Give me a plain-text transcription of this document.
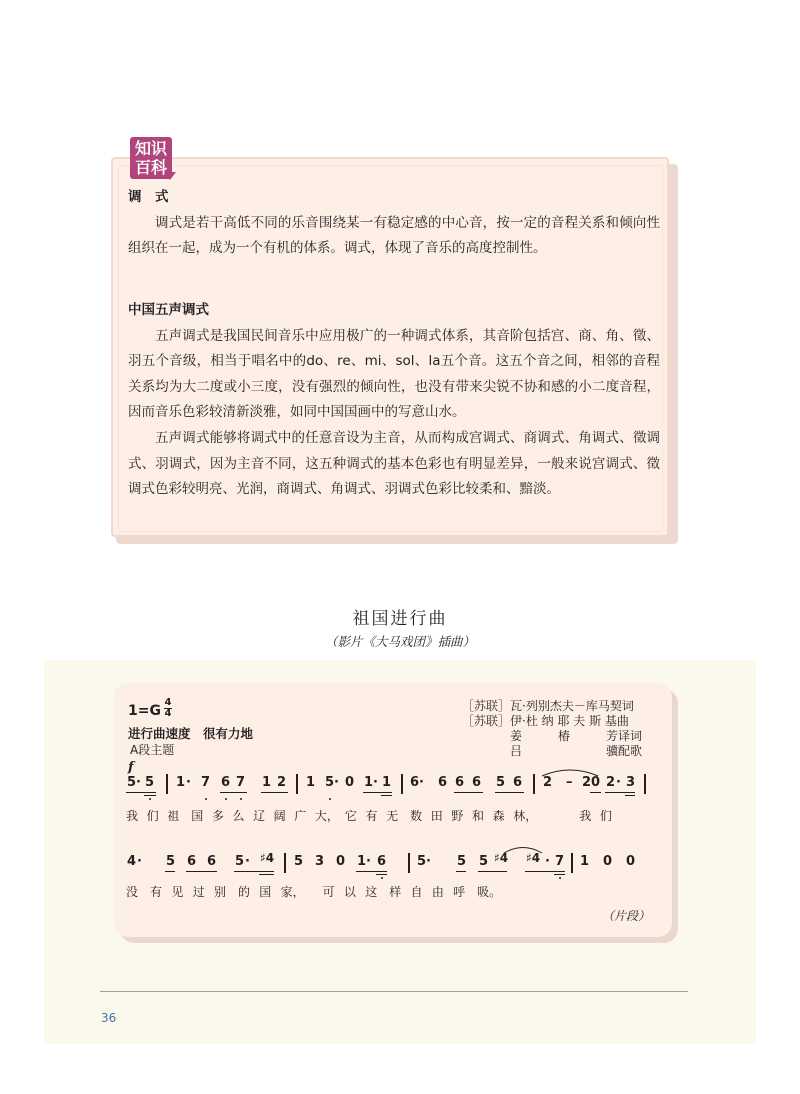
知识
百科
调　式

调式是若干高低不同的乐音围绕某一有稳定感的中心音，按一定的音程关系和倾向性组织在一起，成为一个有机的体系。调式，体现了音乐的高度控制性。

中国五声调式

五声调式是我国民间音乐中应用极广的一种调式体系，其音阶包括宫、商、角、徵、羽五个音级，相当于唱名中的do、re、mi、sol、la五个音。这五个音之间，相邻的音程关系均为大二度或小三度，没有强烈的倾向性，也没有带来尖锐不协和感的小二度音程，因而音乐色彩较清新淡雅，如同中国国画中的写意山水。

五声调式能够将调式中的任意音设为主音，从而构成宫调式、商调式、角调式、徵调式、羽调式，因为主音不同，这五种调式的基本色彩也有明显差异，一般来说宫调式、徵调式色彩较明亮、光润，商调式、角调式、羽调式色彩比较柔和、黯淡。

祖国进行曲
（影片《大马戏团》插曲）
1=G
4
4
进行曲速度　很有力地
A段主题
［苏联］瓦·列别杰夫－库马契词
［苏联］伊·杜 纳 耶 夫 斯 基曲
　　　　姜　　　椿　　　芳译词
　　　　吕　　　　　　　骥配歌
f
5 · 5 1 · 7 6 7 1 2 1 5 · 0 1 · 1 6 · 6 6 6 5 6 2 – 2 0 2 · 3
我 们 祖　国 多 么 辽 阔 广 大，　它 有 无　数 田 野 和 森 林，　　　　我 们
4 · 5 6 6 5 · ♯4 5 3 0 1 · 6 5 · 5 5 ♯4 ♯4 · 7 1 0 0
没　有 见 过 别　的 国 家，　　可 以 这　样 自 由 呼　吸。
（片段）
36
